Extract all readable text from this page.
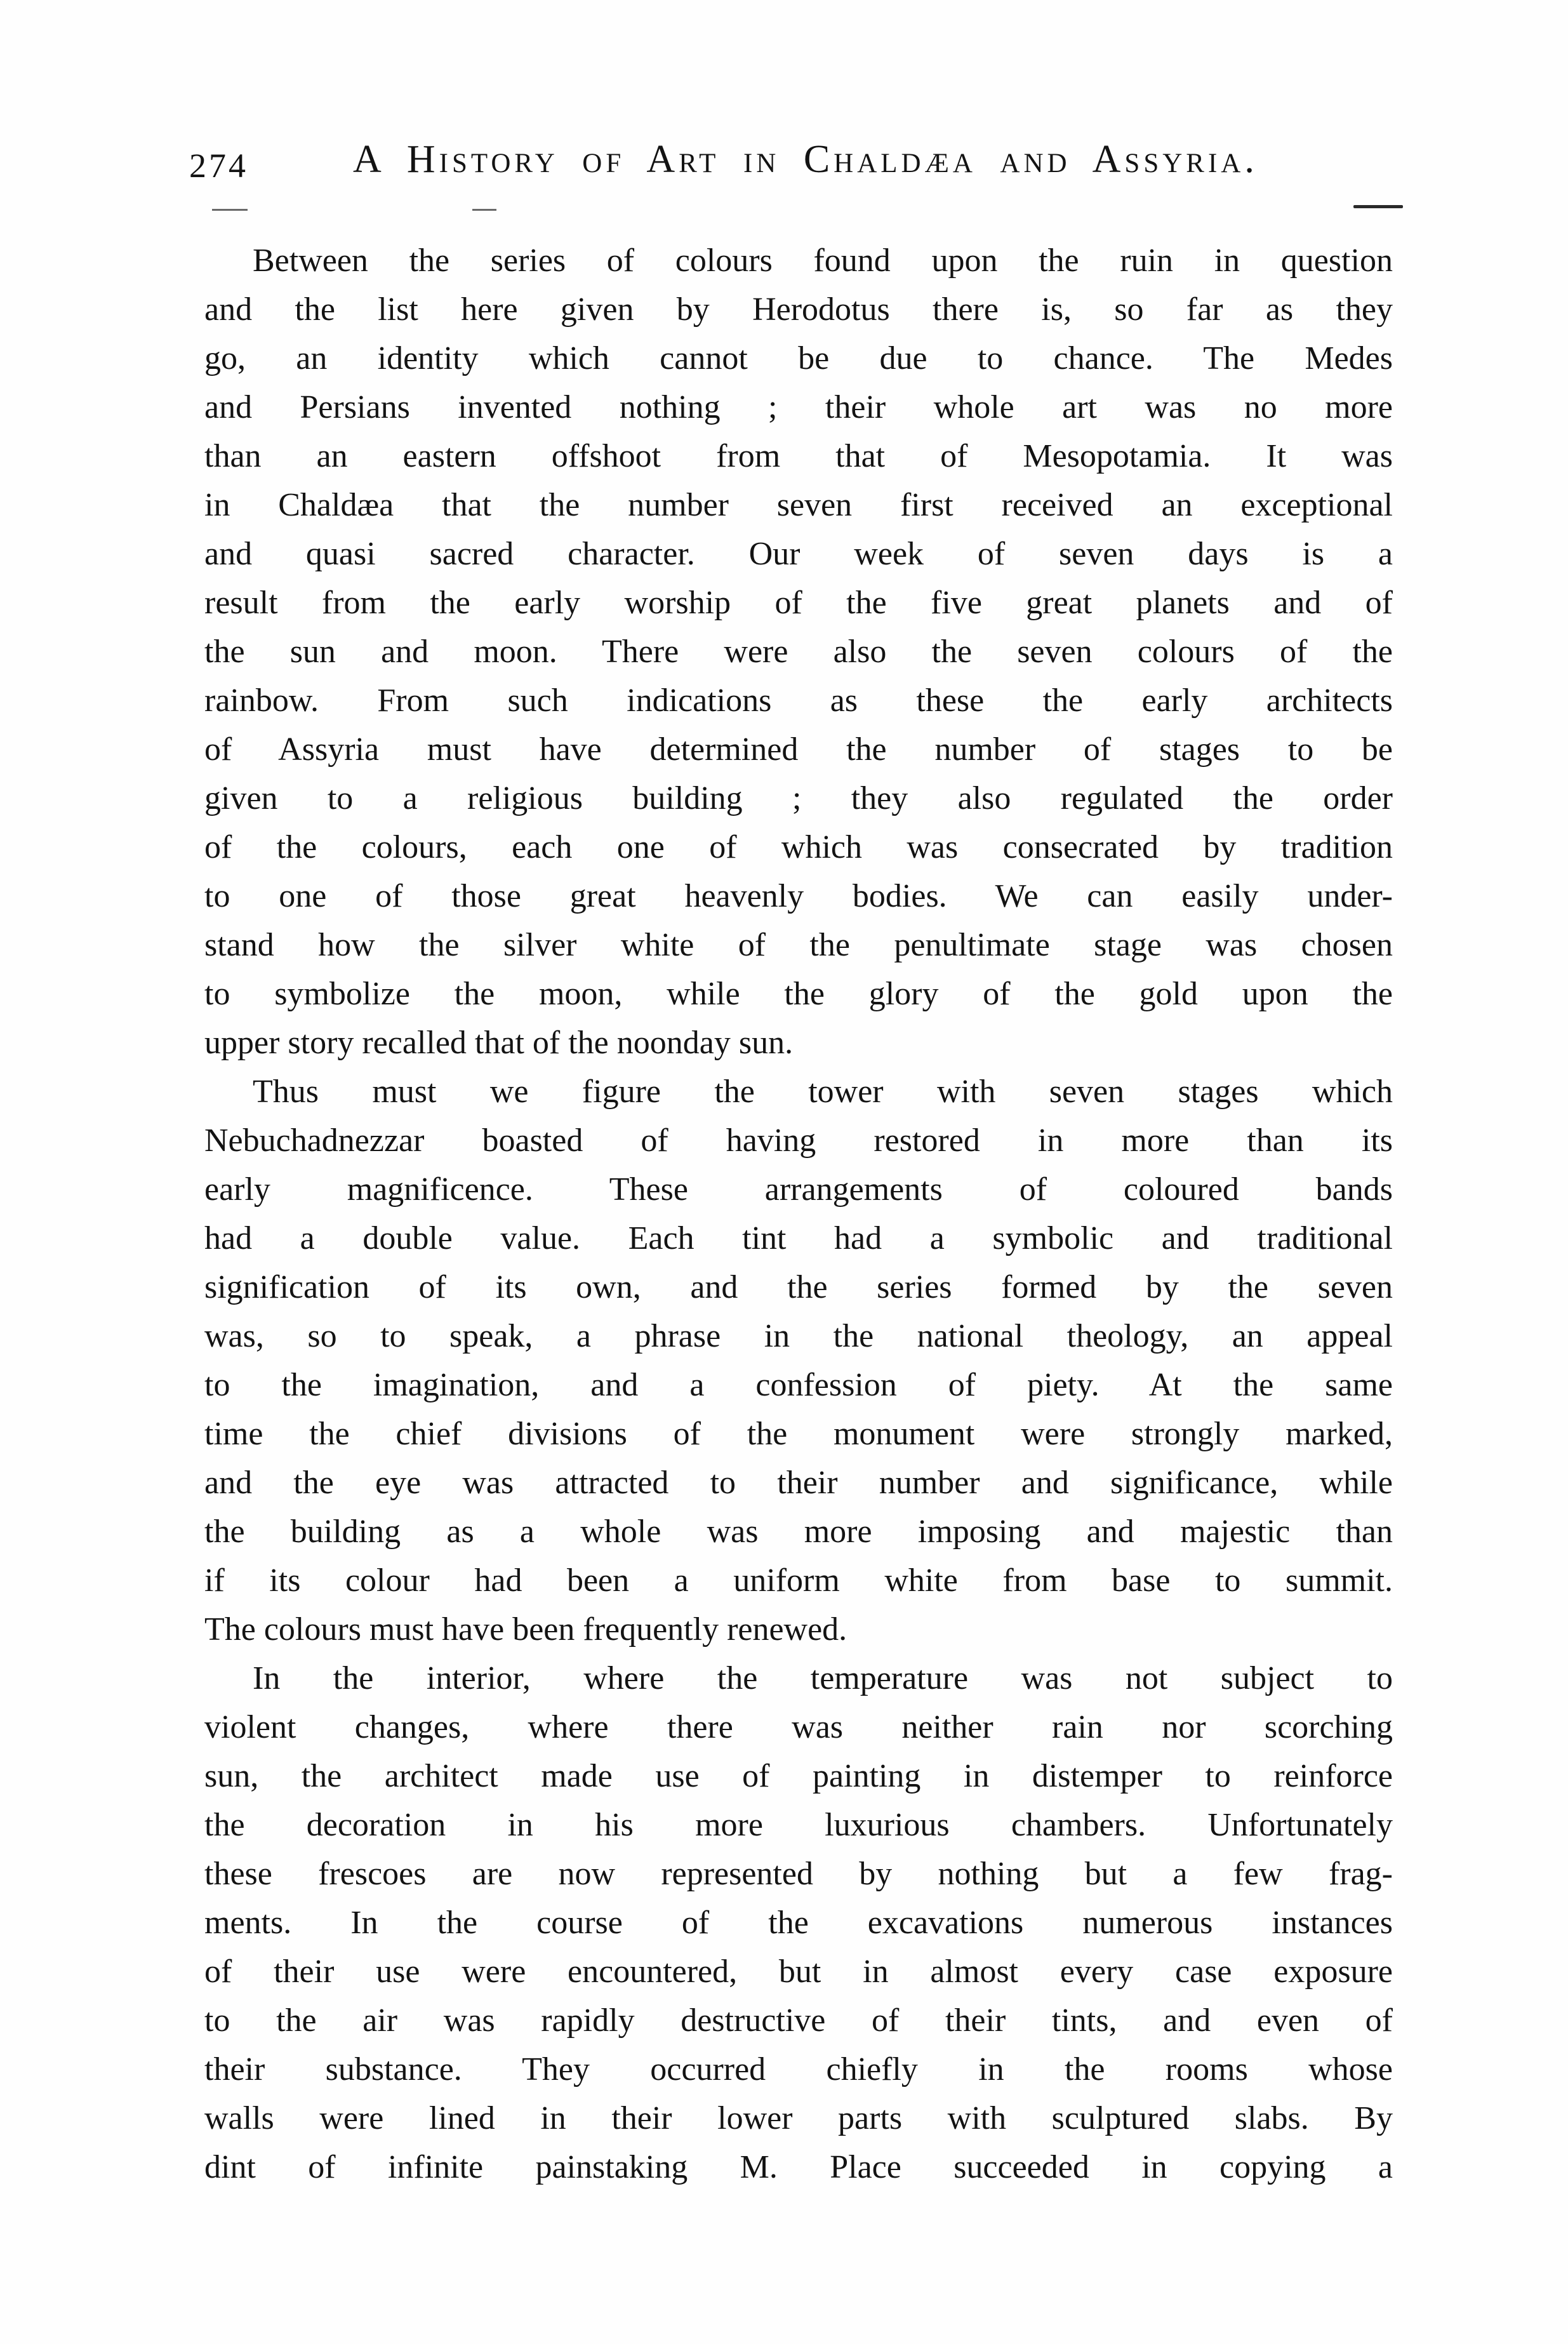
274	A History of Art in Chaldæa and Assyria.

Between the series of colours found upon the ruin in question
and the list here given by Herodotus there is, so far as they
go, an identity which cannot be due to chance. The Medes
and Persians invented nothing ; their whole art was no more
than an eastern offshoot from that of Mesopotamia. It was
in Chaldæa that the number seven first received an exceptional
and quasi sacred character. Our week of seven days is a
result from the early worship of the five great planets and of
the sun and moon. There were also the seven colours of the
rainbow. From such indications as these the early architects
of Assyria must have determined the number of stages to be
given to a religious building ; they also regulated the order
of the colours, each one of which was consecrated by tradition
to one of those great heavenly bodies. We can easily under-
stand how the silver white of the penultimate stage was chosen
to symbolize the moon, while the glory of the gold upon the
upper story recalled that of the noonday sun.

Thus must we figure the tower with seven stages which
Nebuchadnezzar boasted of having restored in more than its
early magnificence. These arrangements of coloured bands
had a double value. Each tint had a symbolic and traditional
signification of its own, and the series formed by the seven
was, so to speak, a phrase in the national theology, an appeal
to the imagination, and a confession of piety. At the same
time the chief divisions of the monument were strongly marked,
and the eye was attracted to their number and significance, while
the building as a whole was more imposing and majestic than
if its colour had been a uniform white from base to summit.
The colours must have been frequently renewed.

In the interior, where the temperature was not subject to
violent changes, where there was neither rain nor scorching
sun, the architect made use of painting in distemper to reinforce
the decoration in his more luxurious chambers. Unfortunately
these frescoes are now represented by nothing but a few frag-
ments. In the course of the excavations numerous instances
of their use were encountered, but in almost every case exposure
to the air was rapidly destructive of their tints, and even of
their substance. They occurred chiefly in the rooms whose
walls were lined in their lower parts with sculptured slabs. By
dint of infinite painstaking M. Place succeeded in copying a
